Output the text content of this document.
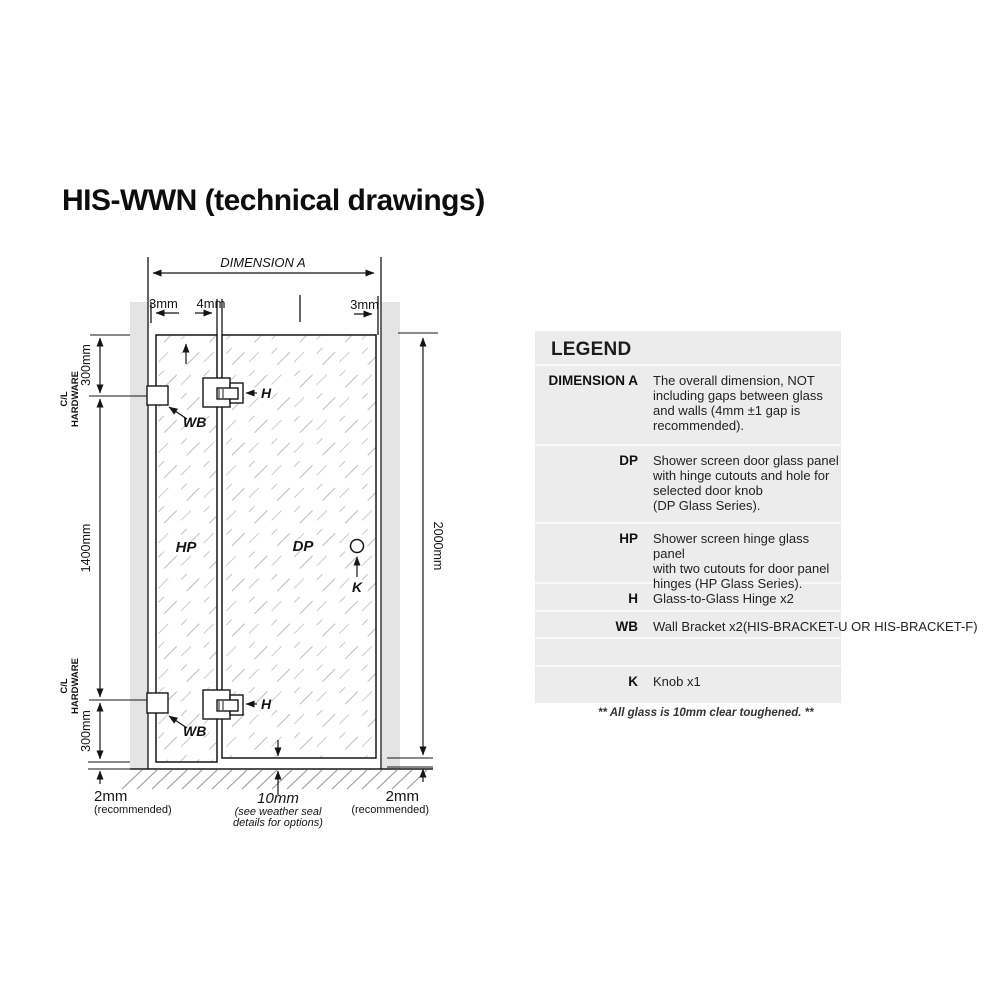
HIS-WWN (technical drawings)
DIMENSION A
3mm 4mm	3mm
300mm
1400mm
300mm
C/L HARDWARE
C/L HARDWARE
2000mm
HP	DP
K
H
H
WB
WB
2mm
(recommended)
10mm
(see weather seal
details for options)
2mm
(recommended)
LEGEND
DIMENSION A The overall dimension, NOT
including gaps between glass
and walls (4mm ±1 gap is
recommended).
DP Shower screen door glass panel
with hinge cutouts and hole for
selected door knob
(DP Glass Series).
HP Shower screen hinge glass panel
with two cutouts for door panel
hinges (HP Glass Series).
H Glass-to-Glass Hinge x2
WB Wall Bracket x2(HIS-BRACKET-U OR HIS-BRACKET-F)
K Knob x1
** All glass is 10mm clear toughened. **
